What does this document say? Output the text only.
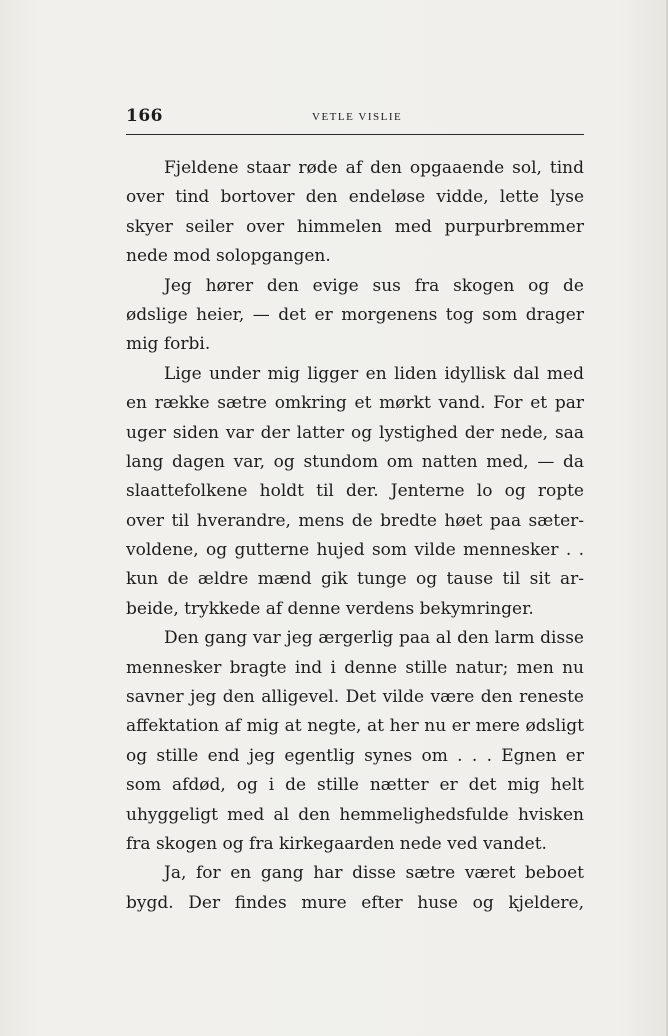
166	VETLE VISLIE
Fjeldene staar røde af den opgaaende sol, tind
over tind bortover den endeløse vidde, lette lyse
skyer seiler over himmelen med purpurbremmer
nede mod solopgangen.
Jeg hører den evige sus fra skogen og de
ødslige heier, — det er morgenens tog som drager
mig forbi.
Lige under mig ligger en liden idyllisk dal med
en række sætre omkring et mørkt vand. For et par
uger siden var der latter og lystighed der nede, saa
lang dagen var, og stundom om natten med, — da
slaattefolkene holdt til der. Jenterne lo og ropte
over til hverandre, mens de bredte høet paa sæter-
voldene, og gutterne hujed som vilde mennesker . .
kun de ældre mænd gik tunge og tause til sit ar-
beide, trykkede af denne verdens bekymringer.
Den gang var jeg ærgerlig paa al den larm disse
mennesker bragte ind i denne stille natur; men nu
savner jeg den alligevel. Det vilde være den reneste
affektation af mig at negte, at her nu er mere ødsligt
og stille end jeg egentlig synes om . . . Egnen er
som afdød, og i de stille nætter er det mig helt
uhyggeligt med al den hemmelighedsfulde hvisken
fra skogen og fra kirkegaarden nede ved vandet.
Ja, for en gang har disse sætre været beboet
bygd. Der findes mure efter huse og kjeldere,
